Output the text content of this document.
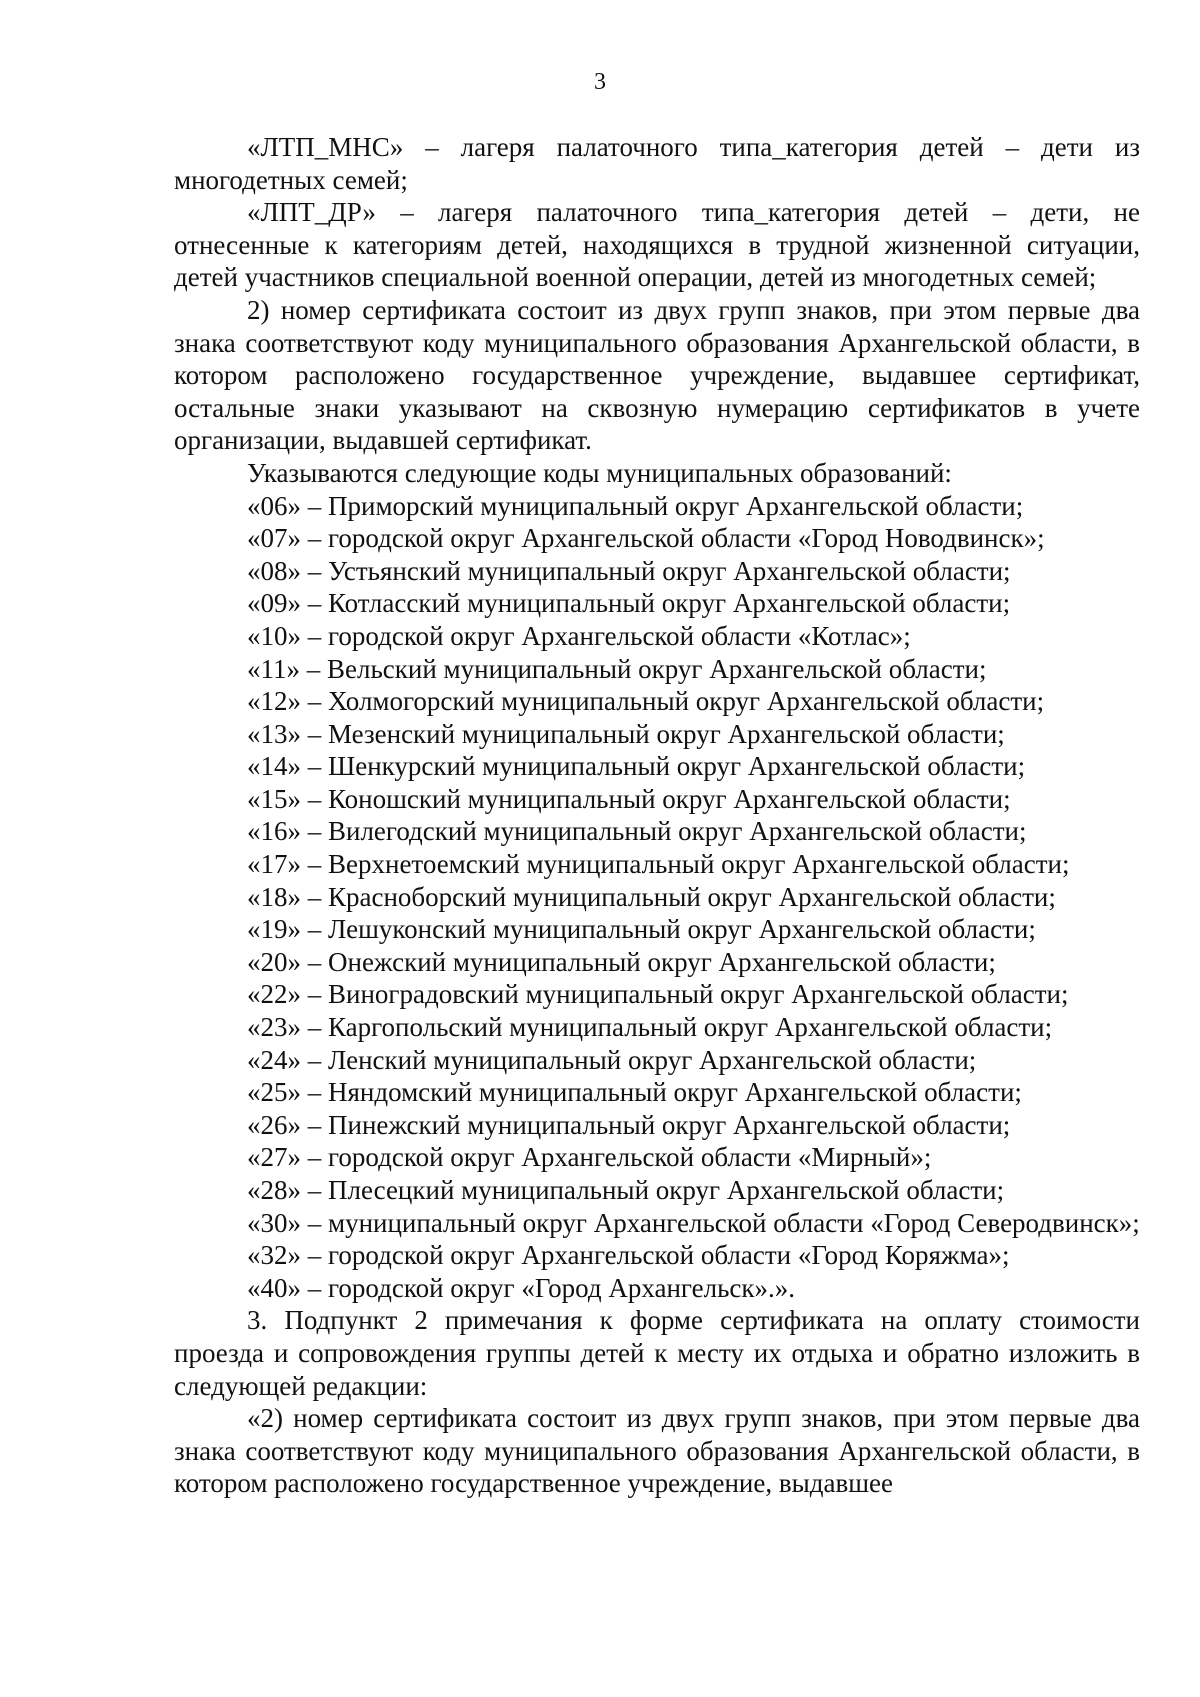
3

«ЛТП_МНС» – лагеря палаточного типа_категория детей – дети из многодетных семей;

«ЛПТ_ДР» – лагеря палаточного типа_категория детей – дети, не отнесенные к категориям детей, находящихся в трудной жизненной ситуации, детей участников специальной военной операции, детей из многодетных семей;

2) номер сертификата состоит из двух групп знаков, при этом первые два знака соответствуют коду муниципального образования Архангельской области, в котором расположено государственное учреждение, выдавшее сертификат, остальные знаки указывают на сквозную нумерацию сертификатов в учете организации, выдавшей сертификат.

Указываются следующие коды муниципальных образований:

«06» – Приморский муниципальный округ Архангельской области;

«07» – городской округ Архангельской области «Город Новодвинск»;

«08» – Устьянский муниципальный округ Архангельской области;

«09» – Котласский муниципальный округ Архангельской области;

«10» – городской округ Архангельской области «Котлас»;

«11» – Вельский муниципальный округ Архангельской области;

«12» – Холмогорский муниципальный округ Архангельской области;

«13» – Мезенский муниципальный округ Архангельской области;

«14» – Шенкурский муниципальный округ Архангельской области;

«15» – Коношский муниципальный округ Архангельской области;

«16» – Вилегодский муниципальный округ Архангельской области;

«17» – Верхнетоемский муниципальный округ Архангельской области;

«18» – Красноборский муниципальный округ Архангельской области;

«19» – Лешуконский муниципальный округ Архангельской области;

«20» – Онежский муниципальный округ Архангельской области;

«22» – Виноградовский муниципальный округ Архангельской области;

«23» – Каргопольский муниципальный округ Архангельской области;

«24» – Ленский муниципальный округ Архангельской области;

«25» – Няндомский муниципальный округ Архангельской области;

«26» – Пинежский муниципальный округ Архангельской области;

«27» – городской округ Архангельской области «Мирный»;

«28» – Плесецкий муниципальный округ Архангельской области;

«30» – муниципальный округ Архангельской области «Город Северодвинск»;

«32» – городской округ Архангельской области «Город Коряжма»;

«40» – городской округ «Город Архангельск».».

3. Подпункт 2 примечания к форме сертификата на оплату стоимости проезда и сопровождения группы детей к месту их отдыха и обратно изложить в следующей редакции:

«2) номер сертификата состоит из двух групп знаков, при этом первые два знака соответствуют коду муниципального образования Архангельской области, в котором расположено государственное учреждение, выдавшее
